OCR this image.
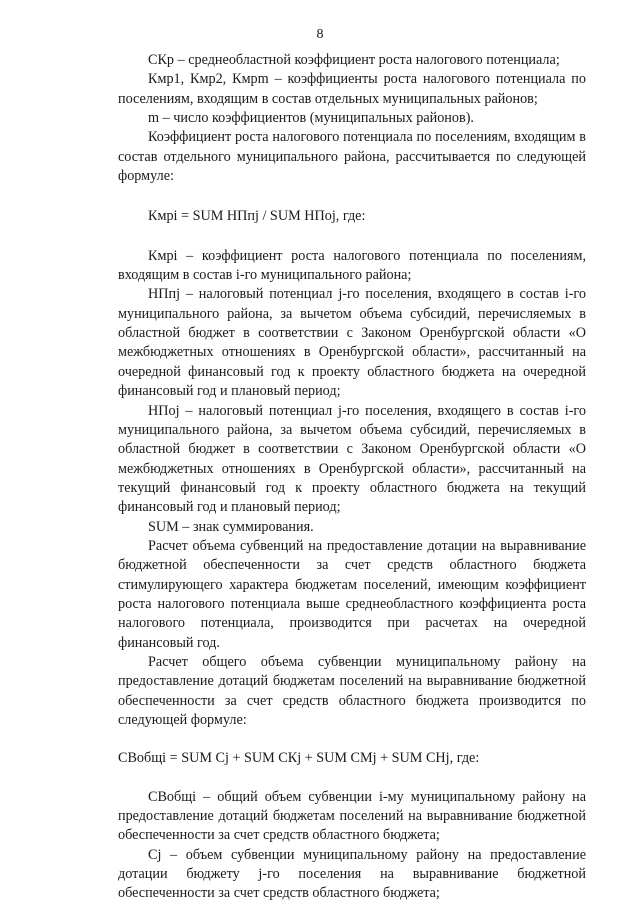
8

СКр – среднеобластной коэффициент роста налогового потенциала;

Кмр1, Кмр2, Кмрm – коэффициенты роста налогового потенциала по поселениям, входящим в состав отдельных муниципальных районов;

m – число коэффициентов (муниципальных районов).

Коэффициент роста налогового потенциала по поселениям, входящим в состав отдельного муниципального района, рассчитывается по следующей формуле:

Кмрi = SUM НПпj / SUM НПоj, где:

Кмрi – коэффициент роста налогового потенциала по поселениям, входящим в состав i-го муниципального района;

НПпj – налоговый потенциал j-го поселения, входящего в состав i-го муниципального района, за вычетом объема субсидий, перечисляемых в областной бюджет в соответствии с Законом Оренбургской области «О межбюджетных отношениях в Оренбургской области», рассчитанный на очередной финансовый год к проекту областного бюджета на очередной финансовый год и плановый период;

НПоj – налоговый потенциал j-го поселения, входящего в состав i-го муниципального района, за вычетом объема субсидий, перечисляемых в областной бюджет в соответствии с Законом Оренбургской области «О межбюджетных отношениях в Оренбургской области», рассчитанный на текущий финансовый год к проекту областного бюджета на текущий финансовый год и плановый период;

SUM – знак суммирования.

Расчет объема субвенций на предоставление дотации на выравнивание бюджетной обеспеченности за счет средств областного бюджета стимулирующего характера бюджетам поселений, имеющим коэффициент роста налогового потенциала выше среднеобластного коэффициента роста налогового потенциала, производится при расчетах на очередной финансовый год.

Расчет общего объема субвенции муниципальному району на предоставление дотаций бюджетам поселений на выравнивание бюджетной обеспеченности за счет средств областного бюджета производится по следующей формуле:

СВобщi = SUM Сj + SUM СКj + SUM СМj + SUM СНj, где:

СВобщi – общий объем субвенции i-му муниципальному району на предоставление дотаций бюджетам поселений на выравнивание бюджетной обеспеченности за счет средств областного бюджета;

Сj – объем субвенции муниципальному району на предоставление дотации бюджету j-го поселения на выравнивание бюджетной обеспеченности за счет средств областного бюджета;
